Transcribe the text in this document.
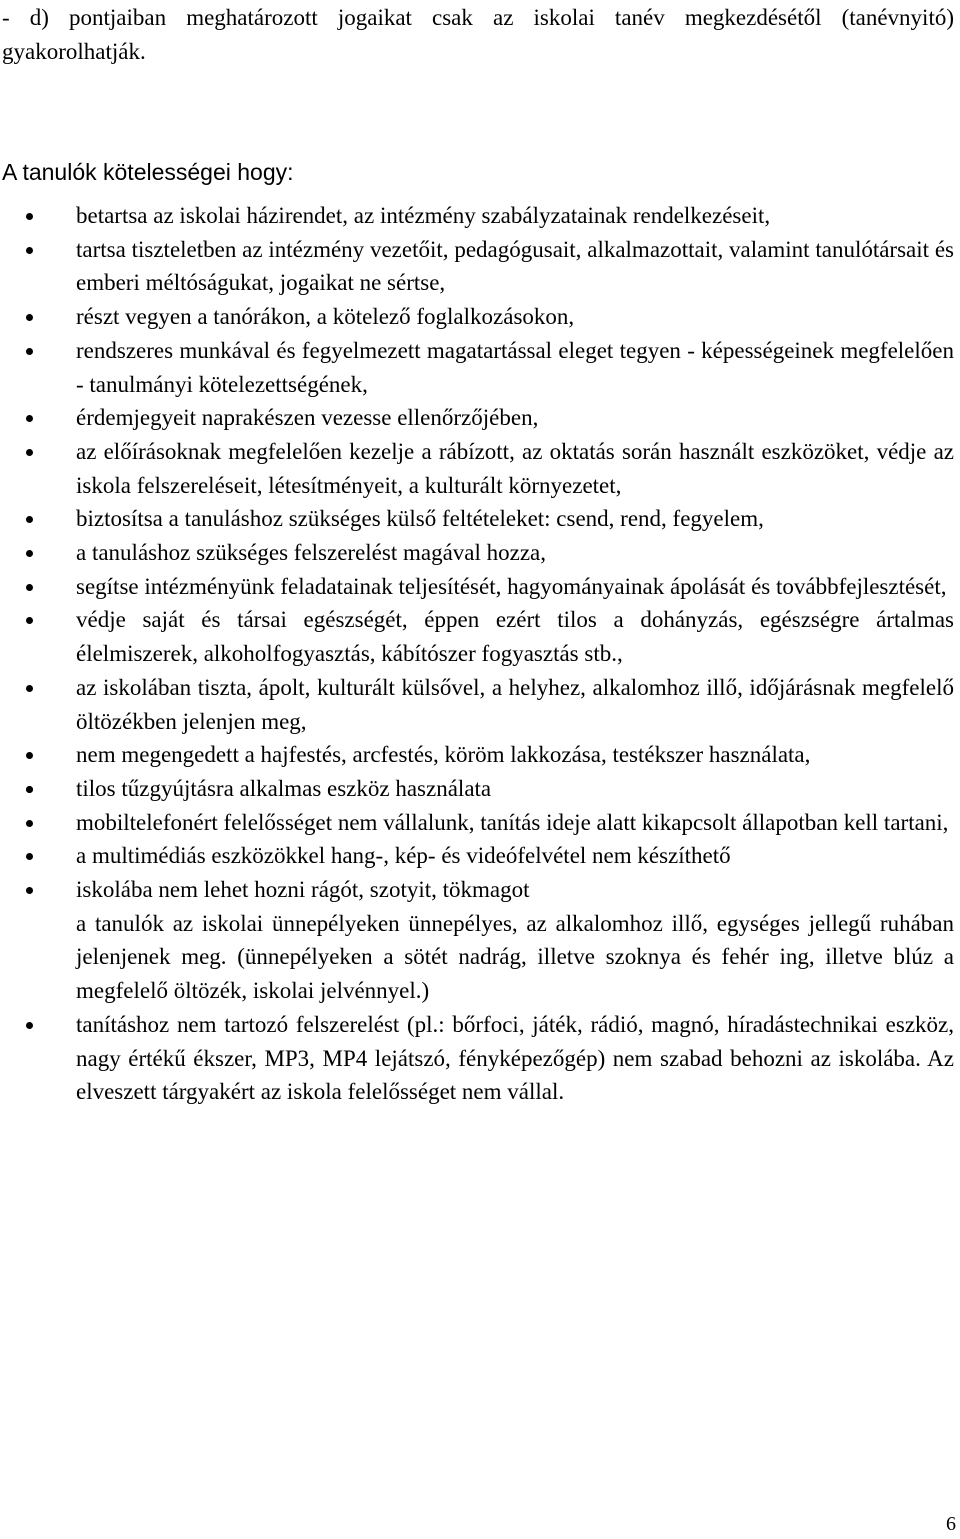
- d) pontjaiban meghatározott jogaikat csak az iskolai tanév megkezdésétől (tanévnyitó) gyakorolhatják.

A tanulók kötelességei hogy:
betartsa az iskolai házirendet, az intézmény szabályzatainak rendelkezéseit,
tartsa tiszteletben az intézmény vezetőit, pedagógusait, alkalmazottait, valamint tanulótársait és emberi méltóságukat, jogaikat ne sértse,
részt vegyen a tanórákon, a kötelező foglalkozásokon,
rendszeres munkával és fegyelmezett magatartással eleget tegyen - képességeinek megfelelően - tanulmányi kötelezettségének,
érdemjegyeit naprakészen vezesse ellenőrzőjében,
az előírásoknak megfelelően kezelje a rábízott, az oktatás során használt eszközöket, védje az iskola felszereléseit, létesítményeit, a kulturált környezetet,
biztosítsa a tanuláshoz szükséges külső feltételeket: csend, rend, fegyelem,
a tanuláshoz szükséges felszerelést magával hozza,
segítse intézményünk feladatainak teljesítését, hagyományainak ápolását és továbbfejlesztését,
védje saját és társai egészségét, éppen ezért tilos a dohányzás, egészségre ártalmas élelmiszerek, alkoholfogyasztás, kábítószer fogyasztás stb.,
az iskolában tiszta, ápolt, kulturált külsővel, a helyhez, alkalomhoz illő, időjárásnak megfelelő öltözékben jelenjen meg,
nem megengedett a hajfestés, arcfestés, köröm lakkozása, testékszer használata,
tilos tűzgyújtásra alkalmas eszköz használata
mobiltelefonért felelősséget nem vállalunk, tanítás ideje alatt kikapcsolt állapotban kell tartani,
a multimédiás eszközökkel hang-, kép- és videófelvétel nem készíthető
iskolába nem lehet hozni rágót, szotyit, tökmagot
a tanulók az iskolai ünnepélyeken ünnepélyes, az alkalomhoz illő, egységes jellegű ruhában jelenjenek meg. (ünnepélyeken a sötét nadrág, illetve szoknya és fehér ing, illetve blúz a megfelelő öltözék, iskolai jelvénnyel.)
tanításhoz nem tartozó felszerelést (pl.: bőrfoci, játék, rádió, magnó, híradástechnikai eszköz, nagy értékű ékszer, MP3, MP4 lejátszó, fényképezőgép) nem szabad behozni az iskolába. Az elveszett tárgyakért az iskola felelősséget nem vállal.
6
